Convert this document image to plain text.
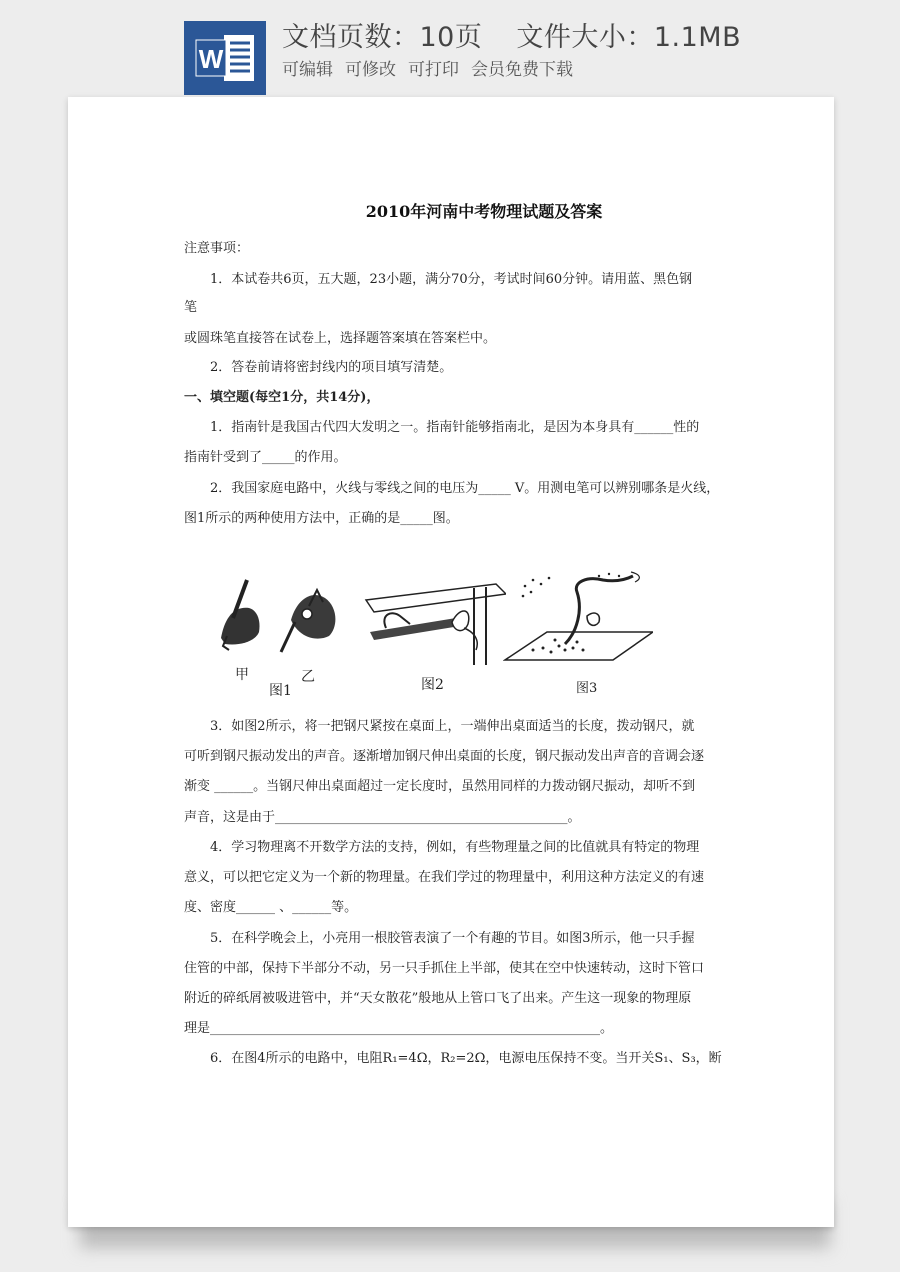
W
文档页数：10页 文件大小：1.1MB
可编辑 可修改 可打印 会员免费下载
2010年河南中考物理试题及答案
注意事项：
1．本试卷共6页，五大题，23小题，满分70分，考试时间60分钟。请用蓝、黑色钢
笔
或圆珠笔直接答在试卷上，选择题答案填在答案栏中。
2．答卷前请将密封线内的项目填写清楚。
一、填空题(每空1分，共14分)，
1．指南针是我国古代四大发明之一。指南针能够指南北，是因为本身具有______性的
指南针受到了_____的作用。
2．我国家庭电路中，火线与零线之间的电压为_____ V。用测电笔可以辨别哪条是火线，
图1所示的两种使用方法中，正确的是_____图。
3．如图2所示，将一把钢尺紧按在桌面上，一端伸出桌面适当的长度，拨动钢尺，就
可听到钢尺振动发出的声音。逐渐增加钢尺伸出桌面的长度，钢尺振动发出声音的音调会逐
渐变 ______。当钢尺伸出桌面超过一定长度时，虽然用同样的力拨动钢尺振动，却听不到
声音，这是由于_____________________________________________。
4．学习物理离不开数学方法的支持，例如，有些物理量之间的比值就具有特定的物理
意义，可以把它定义为一个新的物理量。在我们学过的物理量中，利用这种方法定义的有速
度、密度______ 、______等。
5．在科学晚会上，小亮用一根胶管表演了一个有趣的节目。如图3所示，他一只手握
住管的中部，保持下半部分不动，另一只手抓住上半部，使其在空中快速转动，这时下管口
附近的碎纸屑被吸进管中，并“天女散花”般地从上管口飞了出来。产生这一现象的物理原
理是____________________________________________________________。
6．在图4所示的电路中，电阻R₁=4Ω，R₂=2Ω，电源电压保持不变。当开关S₁、S₃，断
甲	乙
图1	图2	图3
